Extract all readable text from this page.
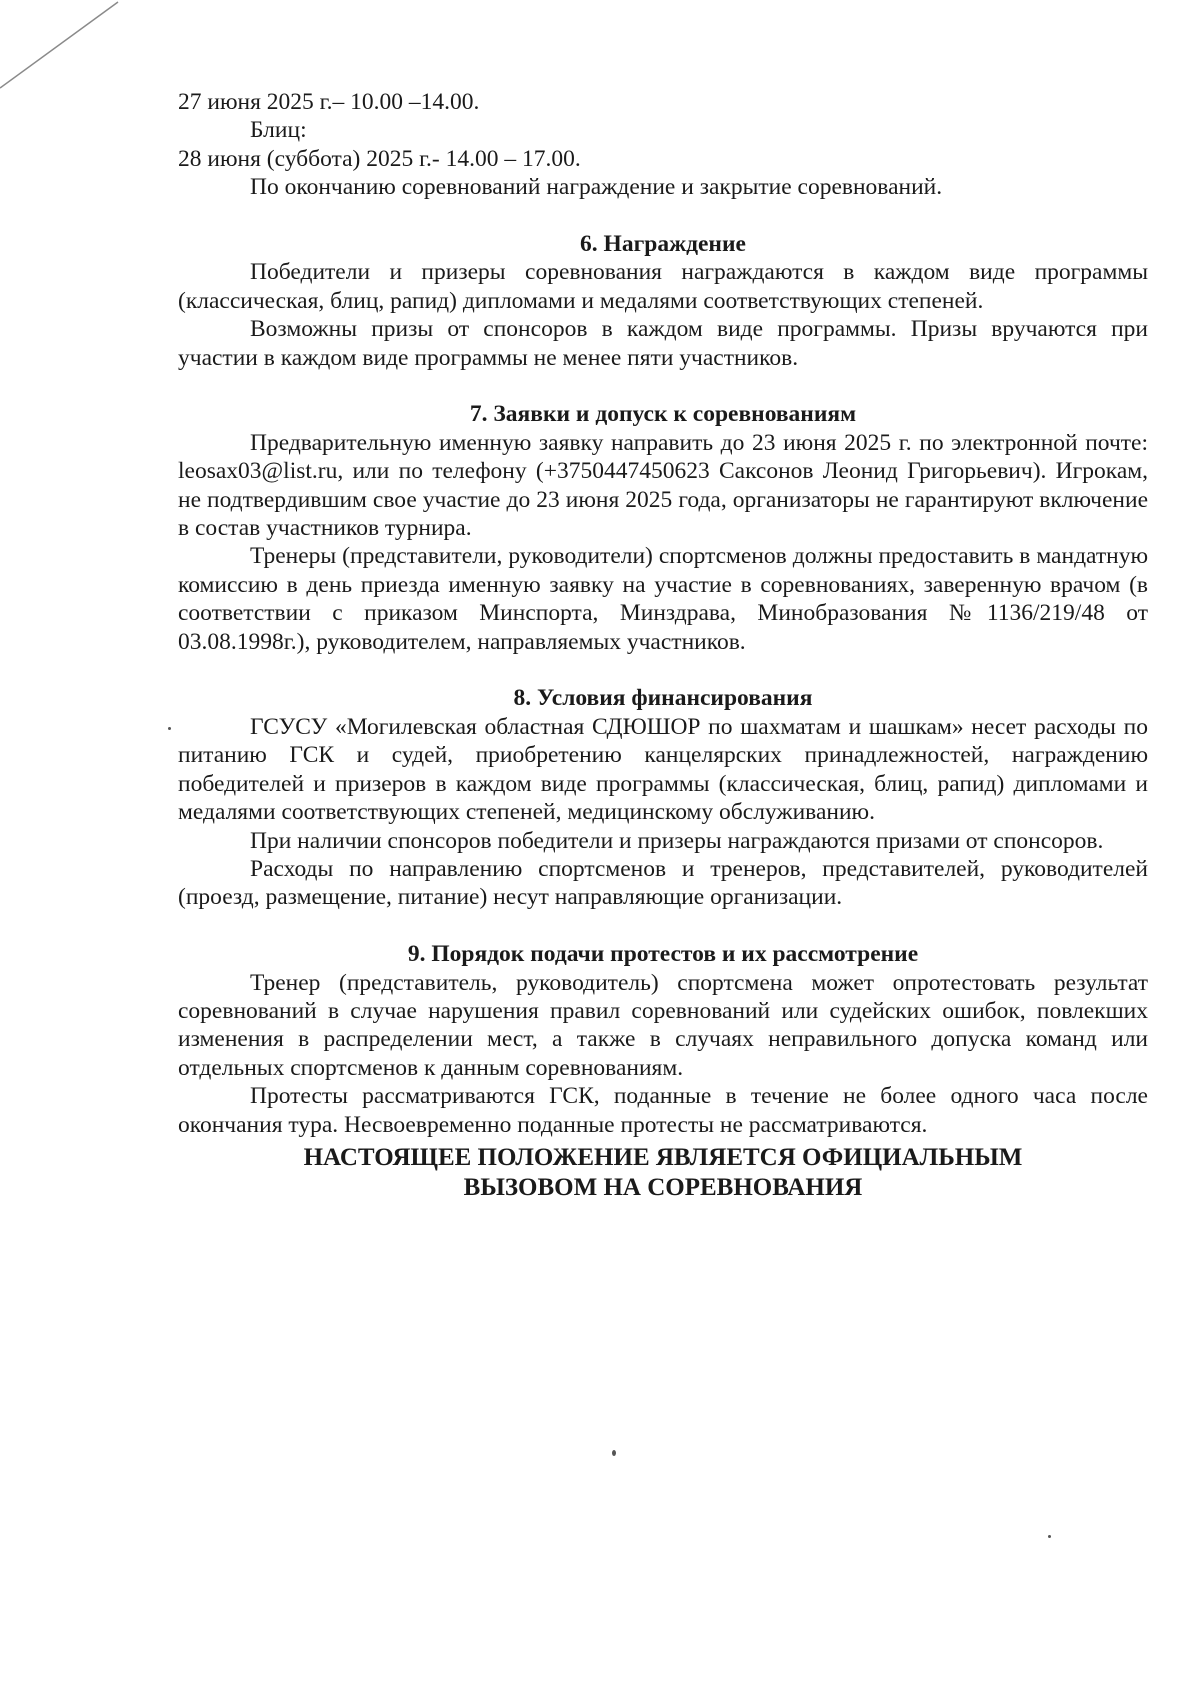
27 июня 2025 г.– 10.00 –14.00.
Блиц:
28 июня (суббота) 2025 г.- 14.00 – 17.00.
По окончанию соревнований награждение и закрытие соревнований.
6. Награждение

Победители и призеры соревнования награждаются в каждом виде программы (классическая, блиц, рапид) дипломами и медалями соответствующих степеней.

Возможны призы от спонсоров в каждом виде программы. Призы вручаются при участии в каждом виде программы не менее пяти участников.

7. Заявки и допуск к соревнованиям

Предварительную именную заявку направить до 23 июня 2025 г. по электронной почте: leosax03@list.ru, или по телефону (+3750447450623 Саксонов Леонид Григорьевич). Игрокам, не подтвердившим свое участие до 23 июня 2025 года, организаторы не гарантируют включение в состав участников турнира.

Тренеры (представители, руководители) спортсменов должны предоставить в мандатную комиссию в день приезда именную заявку на участие в соревнованиях, заверенную врачом (в соответствии с приказом Минспорта, Минздрава, Минобразования №1136/219/48 от 03.08.1998г.), руководителем, направляемых участников.

8. Условия финансирования

ГСУСУ «Могилевская областная СДЮШОР по шахматам и шашкам» несет расходы по питанию ГСК и судей, приобретению канцелярских принадлежностей, награждению победителей и призеров в каждом виде программы (классическая, блиц, рапид) дипломами и медалями соответствующих степеней, медицинскому обслуживанию.

При наличии спонсоров победители и призеры награждаются призами от спонсоров.

Расходы по направлению спортсменов и тренеров, представителей, руководителей (проезд, размещение, питание) несут направляющие организации.

9. Порядок подачи протестов и их рассмотрение

Тренер (представитель, руководитель) спортсмена может опротестовать результат соревнований в случае нарушения правил соревнований или судейских ошибок, повлекших изменения в распределении мест, а также в случаях неправильного допуска команд или отдельных спортсменов к данным соревнованиям.

Протесты рассматриваются ГСК, поданные в течение не более одного часа после окончания тура. Несвоевременно поданные протесты не рассматриваются.

НАСТОЯЩЕЕ ПОЛОЖЕНИЕ ЯВЛЯЕТСЯ ОФИЦИАЛЬНЫМ
ВЫЗОВОМ НА СОРЕВНОВАНИЯ
